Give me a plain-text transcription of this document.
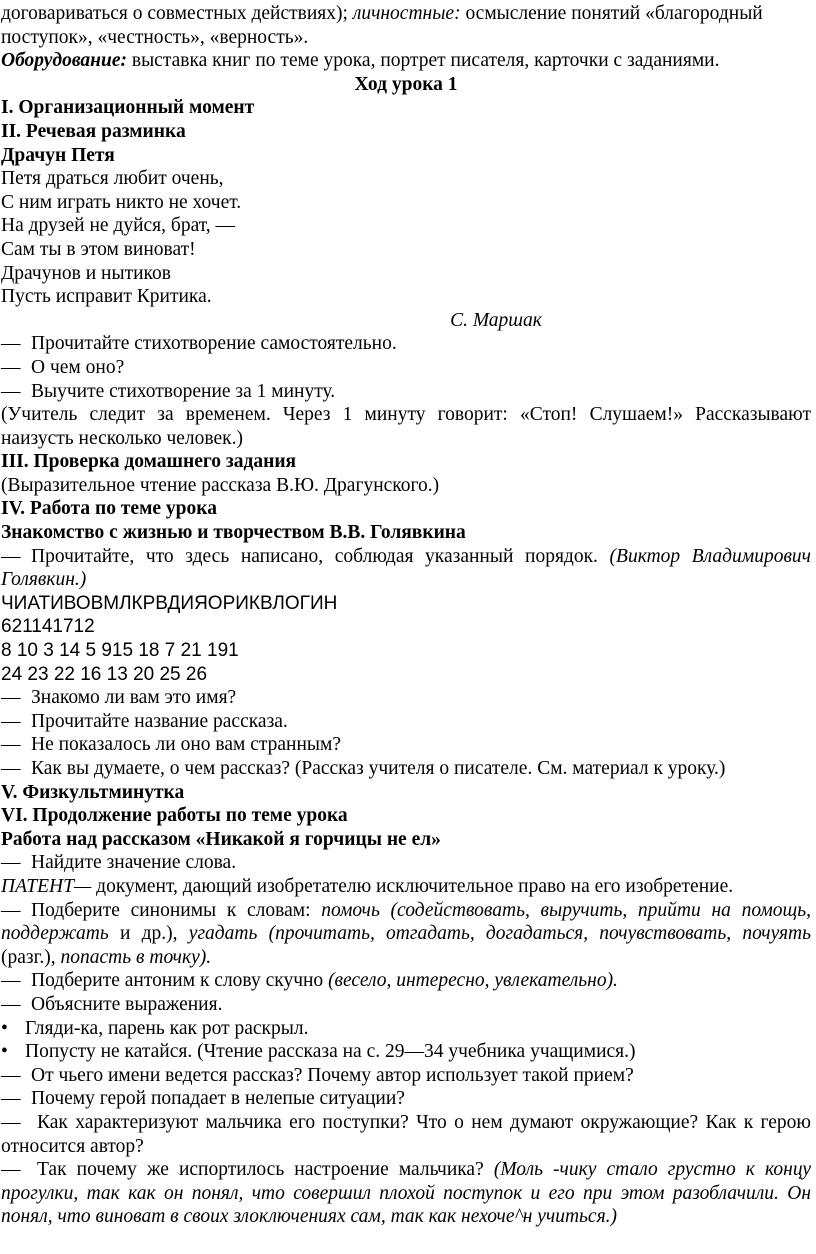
договариваться о совместных действиях); личностные: осмысление понятий «благородный
поступок», «честность», «верность».
Оборудование: выставка книг по теме урока, портрет писателя, карточки с заданиями.
Ход урока 1
I. Организационный момент
II. Речевая разминка
Драчун Петя
Петя драться любит очень,
С ним играть никто не хочет.
На друзей не дуйся, брат, —
Сам ты в этом виноват!
Драчунов и нытиков
Пусть исправит Критика.
С. Маршак
— Прочитайте стихотворение самостоятельно.
— О чем оно?
— Выучите стихотворение за 1 минуту.
(Учитель следит за временем. Через 1 минуту говорит: «Стоп! Слушаем!» Рассказывают наизусть несколько человек.)
III. Проверка домашнего задания
(Выразительное чтение рассказа В.Ю. Драгунского.)
IV. Работа по теме урока
Знакомство с жизнью и творчеством В.В. Голявкина
— Прочитайте, что здесь написано, соблюдая указанный порядок. (Виктор Владимирович Голявкин.)
ЧИАТИВОВМЛКРВДИЯОРИКВЛОГИН
621141712
8 10 3 14 5 915 18 7 21 191
24 23 22 16 13 20 25 26
— Знакомо ли вам это имя?
— Прочитайте название рассказа.
— Не показалось ли оно вам странным?
— Как вы думаете, о чем рассказ? (Рассказ учителя о писателе. См. материал к уроку.)
V. Физкультминутка
VI. Продолжение работы по теме урока
Работа над рассказом «Никакой я горчицы не ел»
— Найдите значение слова.
ПАТЕНТ— документ, дающий изобретателю исключительное право на его изобретение.
— Подберите синонимы к словам: помочь (содействовать, выручить, прийти на помощь, поддержать и др.), угадать (прочитать, отгадать, догадаться, почувствовать, почуять (разг.), попасть в точку).
— Подберите антоним к слову скучно (весело, интересно, увлекательно).
— Объясните выражения.
• Гляди-ка, парень как рот раскрыл.
• Попусту не катайся. (Чтение рассказа на с. 29—34 учебника учащимися.)
— От чьего имени ведется рассказ? Почему автор использует такой прием?
— Почему герой попадает в нелепые ситуации?
— Как характеризуют мальчика его поступки? Что о нем думают окружающие? Как к герою относится автор?
— Так почему же испортилось настроение мальчика? (Моль -чику стало грустно к концу прогулки, так как он понял, что совершил плохой поступок и его при этом разоблачили. Он понял, что виноват в своих злоключениях сам, так как нехоче^н учиться.)
